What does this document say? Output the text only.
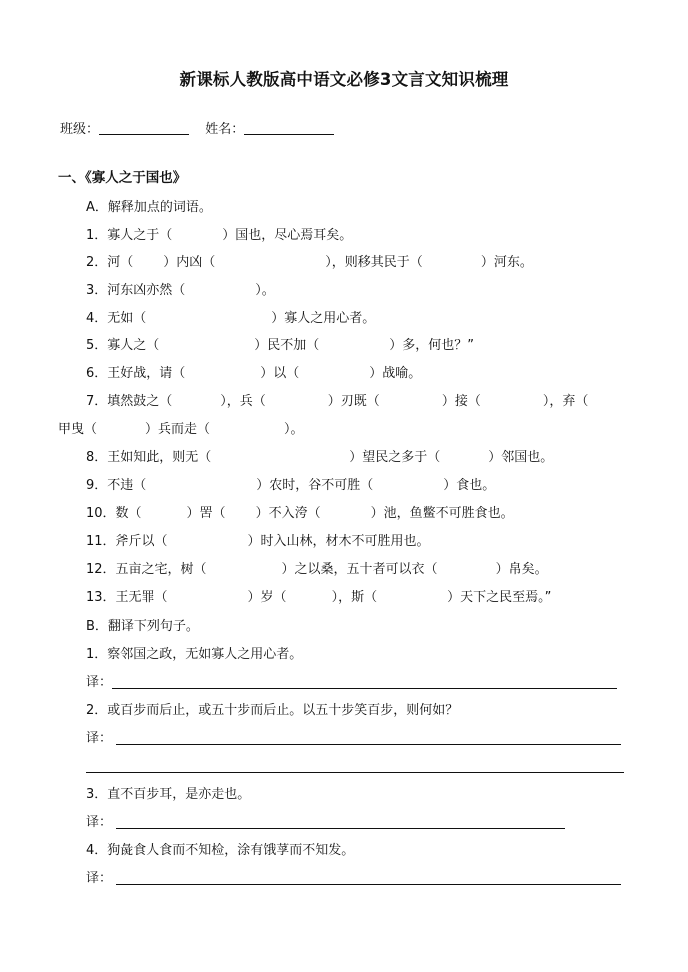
新课标人教版高中语文必修3文言文知识梳理
班级：	姓名：
一、《寡人之于国也》
A．解释加点的词语。
1．寡人之于（	）国也，尽心焉耳矣。
2．河（ ）内凶（	），则移其民于（	）河东。
3．河东凶亦然（	）。
4．无如（	）寡人之用心者。
5．寡人之（	）民不加（	）多，何也？”
6．王好战，请（	）以（	）战喻。
7．填然鼓之（	），兵（	）刃既（	）接（	），弃（
甲曳（	）兵而走（	）。
8．王如知此，则无（	）望民之多于（	）邻国也。
9．不违（	）农时，谷不可胜（	）食也。
10．数（	）罟（ ）不入洿（	）池，鱼鳖不可胜食也。
11．斧斤以（	）时入山林，材木不可胜用也。
12．五亩之宅，树（	）之以桑，五十者可以衣（	）帛矣。
13．王无罪（	）岁（	），斯（	）天下之民至焉。”
B．翻译下列句子。
1．察邻国之政，无如寡人之用心者。
译：
2．或百步而后止，或五十步而后止。以五十步笑百步，则何如？
译：
3．直不百步耳，是亦走也。
译：
4．狗彘食人食而不知检，涂有饿莩而不知发。
译：
